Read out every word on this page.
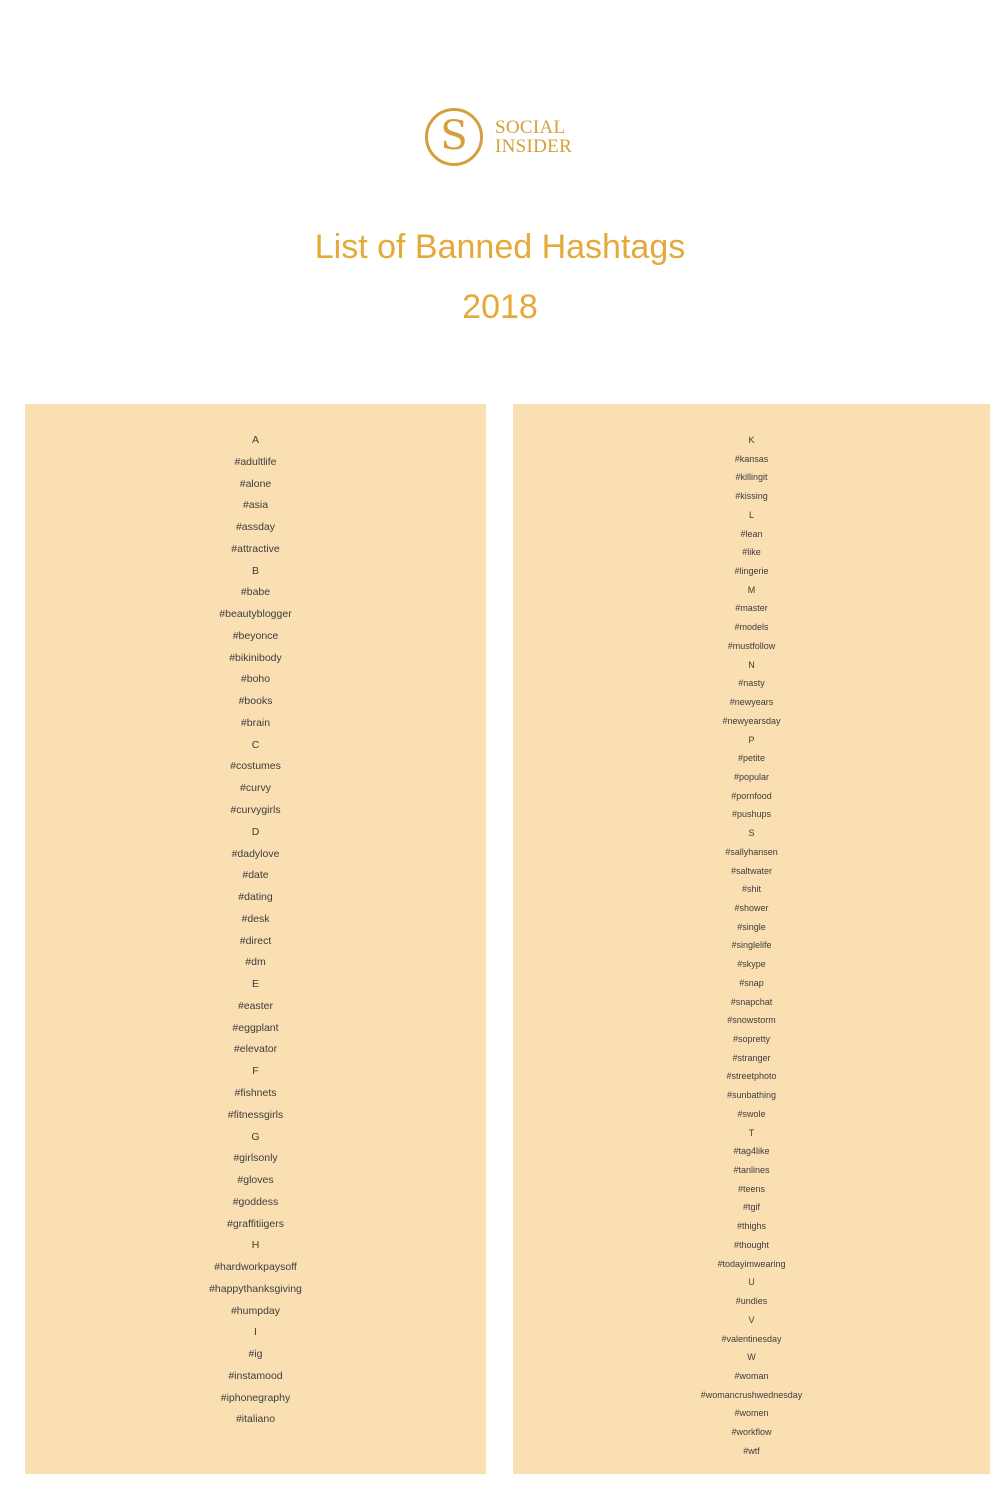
S SOCIAL
INSIDER
List of Banned Hashtags
2018
A
#adultlife
#alone
#asia
#assday
#attractive
B
#babe
#beautyblogger
#beyonce
#bikinibody
#boho
#books
#brain
C
#costumes
#curvy
#curvygirls
D
#dadylove
#date
#dating
#desk
#direct
#dm
E
#easter
#eggplant
#elevator
F
#fishnets
#fitnessgirls
G
#girlsonly
#gloves
#goddess
#graffitiigers
H
#hardworkpaysoff
#happythanksgiving
#humpday
I
#ig
#instamood
#iphonegraphy
#italiano
K
#kansas
#killingit
#kissing
L
#lean
#like
#lingerie
M
#master
#models
#mustfollow
N
#nasty
#newyears
#newyearsday
P
#petite
#popular
#pornfood
#pushups
S
#sallyhansen
#saltwater
#shit
#shower
#single
#singlelife
#skype
#snap
#snapchat
#snowstorm
#sopretty
#stranger
#streetphoto
#sunbathing
#swole
T
#tag4like
#tanlines
#teens
#tgif
#thighs
#thought
#todayimwearing
U
#undies
V
#valentinesday
W
#woman
#womancrushwednesday
#women
#workflow
#wtf
